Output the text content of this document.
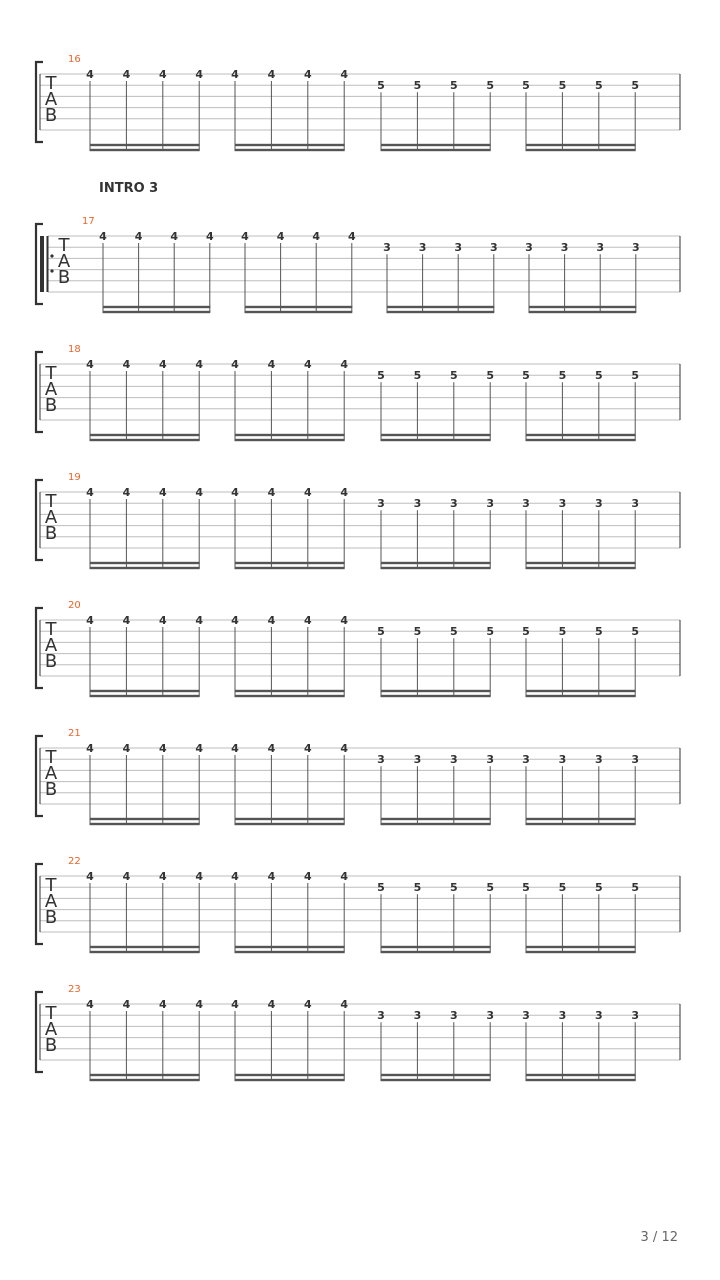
INTRO 3
T
A
B
16
4	4	4	4	4	4	4	4
5	5	5	5	5	5	5	5
T
A
B
17
4	4	4	4	4	4	4	4
3	3	3	3	3	3	3	3
T
A
B
18
4	4	4	4	4	4	4	4
5	5	5	5	5	5	5	5
T
A
B
19
4	4	4	4	4	4	4	4
3	3	3	3	3	3	3	3
T
A
B
20
4	4	4	4	4	4	4	4
5	5	5	5	5	5	5	5
T
A
B
21
4	4	4	4	4	4	4	4
3	3	3	3	3	3	3	3
T
A
B
22
4	4	4	4	4	4	4	4
5	5	5	5	5	5	5	5
T
A
B
23
4	4	4	4	4	4	4	4
3	3	3	3	3	3	3	3
3 / 12
